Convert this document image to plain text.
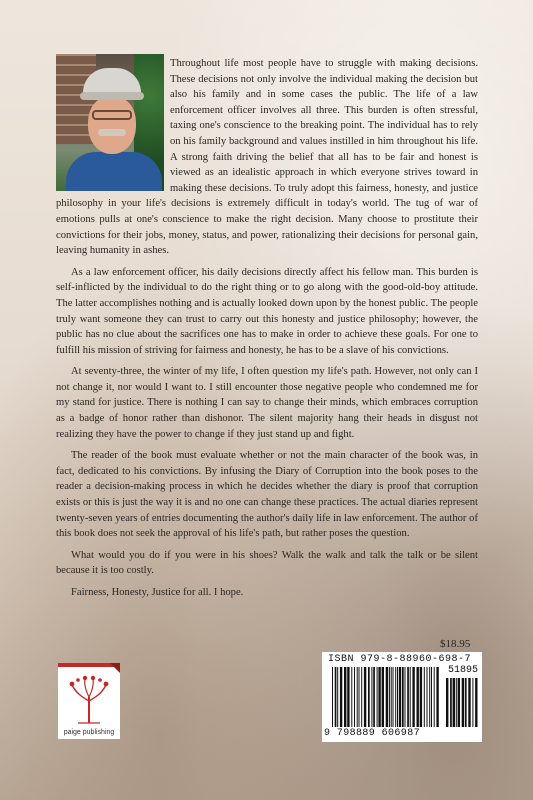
Throughout life most people have to struggle with making decisions. These decisions not only involve the individual making the decision but also his family and in some cases the public. The life of a law enforcement officer involves all three. This burden is often stressful, taxing one's conscience to the breaking point. The individual has to rely on his family background and values instilled in him throughout his life. A strong faith driving the belief that all has to be fair and honest is viewed as an idealistic approach in which everyone strives toward in making these decisions. To truly adopt this fairness, honesty, and justice philosophy in your life's decisions is extremely difficult in today's world. The tug of war of emotions pulls at one's conscience to make the right decision. Many choose to prostitute their convictions for their jobs, money, status, and power, rationalizing their decisions for personal gain, leaving humanity in ashes.

As a law enforcement officer, his daily decisions directly affect his fellow man. This burden is self-inflicted by the individual to do the right thing or to go along with the good-old-boy attitude. The latter accomplishes nothing and is actually looked down upon by the honest public. The people truly want someone they can trust to carry out this honesty and justice philosophy; however, the public has no clue about the sacrifices one has to make in order to achieve these goals. For one to fulfill his mission of striving for fairness and honesty, he has to be a slave of his convictions.

At seventy-three, the winter of my life, I often question my life's path. However, not only can I not change it, nor would I want to. I still encounter those negative people who condemned me for my stand for justice. There is nothing I can say to change their minds, which embraces corruption as a badge of honor rather than dishonor. The silent majority hang their heads in disgust not realizing they have the power to change if they just stand up and fight.

The reader of the book must evaluate whether or not the main character of the book was, in fact, dedicated to his convictions. By infusing the Diary of Corruption into the book poses to the reader a decision-making process in which he decides whether the diary is proof that corruption exists or this is just the way it is and no one can change these practices. The actual diaries represent twenty-seven years of entries documenting the author's daily life in law enforcement. The author of this book does not seek the approval of his life's path, but rather poses the question.

What would you do if you were in his shoes? Walk the walk and talk the talk or be silent because it is too costly.

Fairness, Honesty, Justice for all. I hope.

paige publishing
$18.95
ISBN 979-8-88960-698-7
51895
9 798889 606987
